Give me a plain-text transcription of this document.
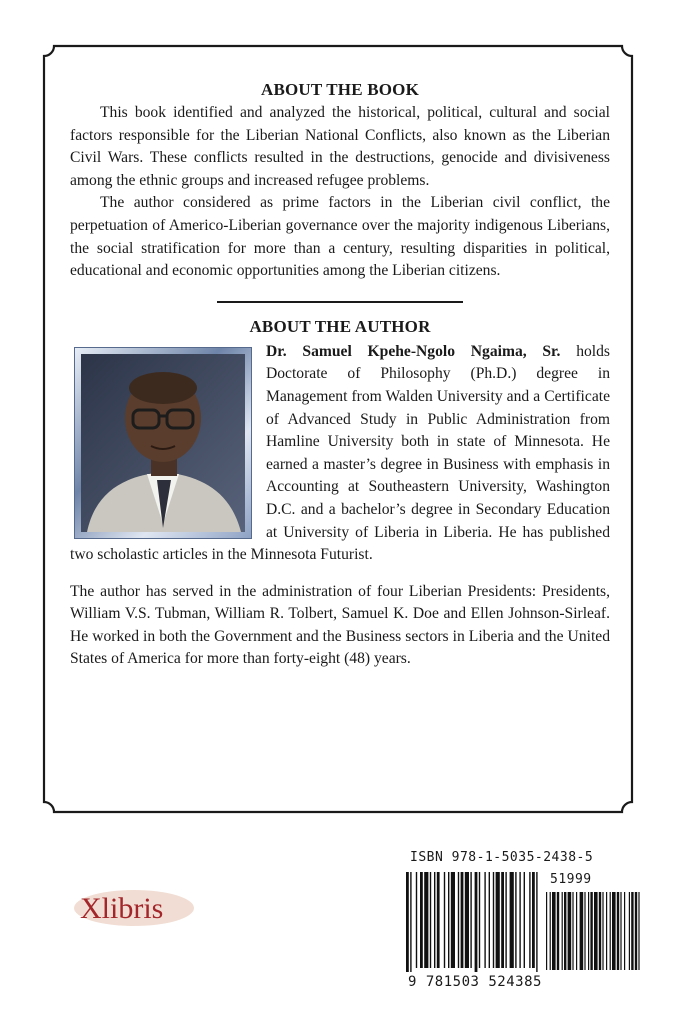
ABOUT THE BOOK

This book identified and analyzed the historical, political, cultural and social factors responsible for the Liberian National Conflicts, also known as the Liberian Civil Wars. These conflicts resulted in the destructions, genocide and divisiveness among the ethnic groups and increased refugee problems.

The author considered as prime factors in the Liberian civil conflict, the perpetuation of Americo-Liberian governance over the majority indigenous Liberians, the social stratification for more than a century, resulting disparities in political, educational and economic opportunities among the Liberian citizens.

ABOUT THE AUTHOR

Dr. Samuel Kpehe-Ngolo Ngaima, Sr. holds Doctorate of Philosophy (Ph.D.) degree in Management from Walden University and a Certificate of Advanced Study in Public Administration from Hamline University both in state of Minnesota. He earned a master’s degree in Business with emphasis in Accounting at Southeastern University, Washington D.C. and a bachelor’s degree in Secondary Education at University of Liberia in Liberia. He has published two scholastic articles in the Minnesota Futurist.

The author has served in the administration of four Liberian Presidents: Presidents, William V.S. Tubman, William R. Tolbert, Samuel K. Doe and Ellen Johnson-Sirleaf. He worked in both the Government and the Business sectors in Liberia and the United States of America for more than forty-eight (48) years.

Xlibris
ISBN 978-1-5035-2438-5
51999
9 781503 524385
